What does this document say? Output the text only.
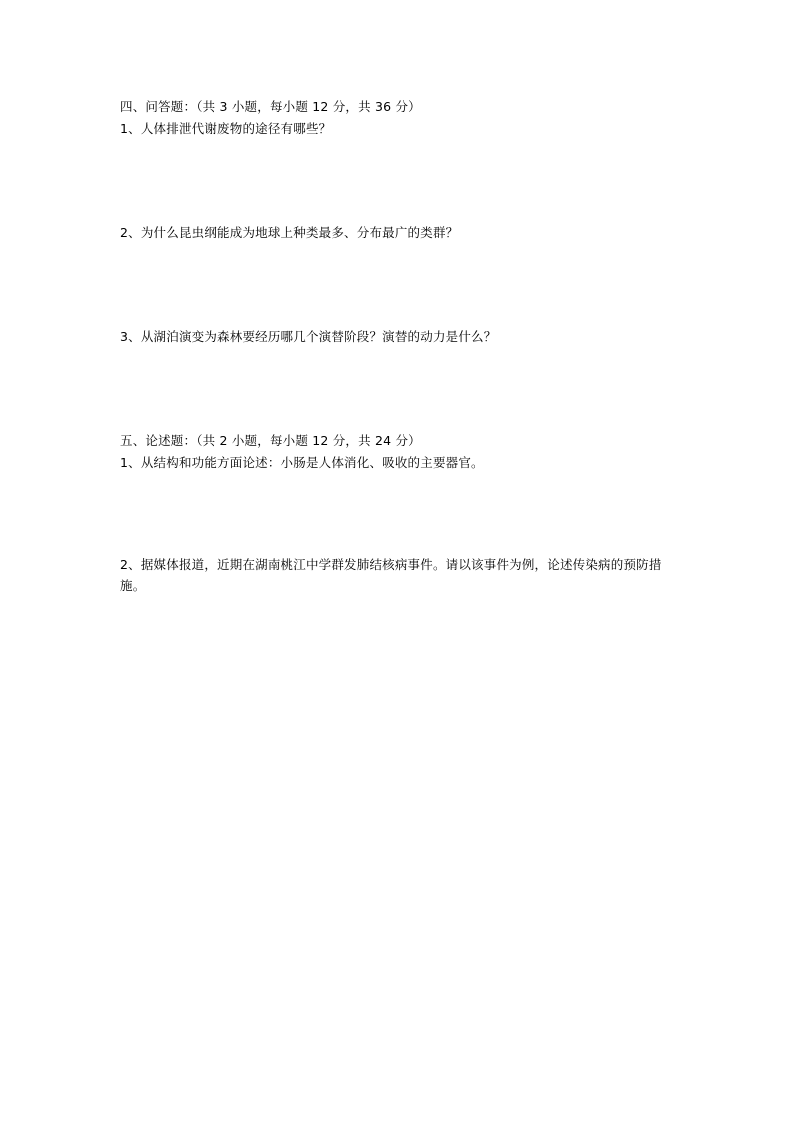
四、问答题：（共 3 小题，每小题 12 分，共 36 分）
1、人体排泄代谢废物的途径有哪些？
2、为什么昆虫纲能成为地球上种类最多、分布最广的类群？
3、从湖泊演变为森林要经历哪几个演替阶段？演替的动力是什么？
五、论述题：（共 2 小题，每小题 12 分，共 24 分）
1、从结构和功能方面论述：小肠是人体消化、吸收的主要器官。
2、据媒体报道，近期在湖南桃江中学群发肺结核病事件。请以该事件为例，论述传染病的预防措施。
